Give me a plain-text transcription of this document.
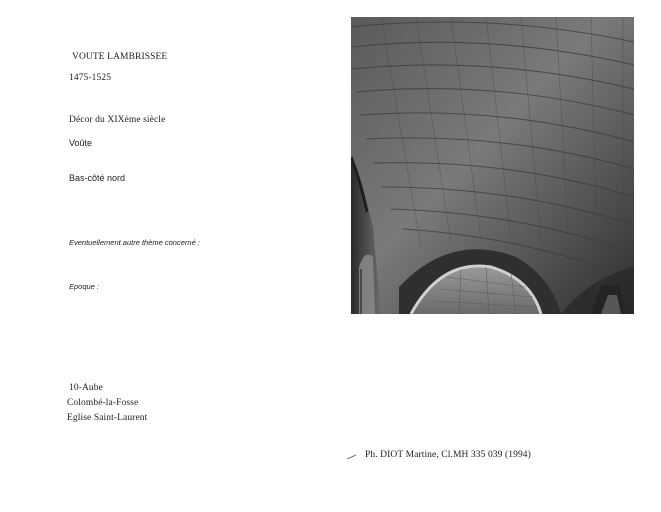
VOUTE LAMBRISSEE

1475-1525

Décor du XIXème siècle

Voûte

Bas-côté nord

Eventuellement autre thème concerné :

Epoque :

10-Aube

Colombé-la-Fosse

Eglise Saint-Laurent

Ph. DIOT Martine, Cl.MH 335 039 (1994)
